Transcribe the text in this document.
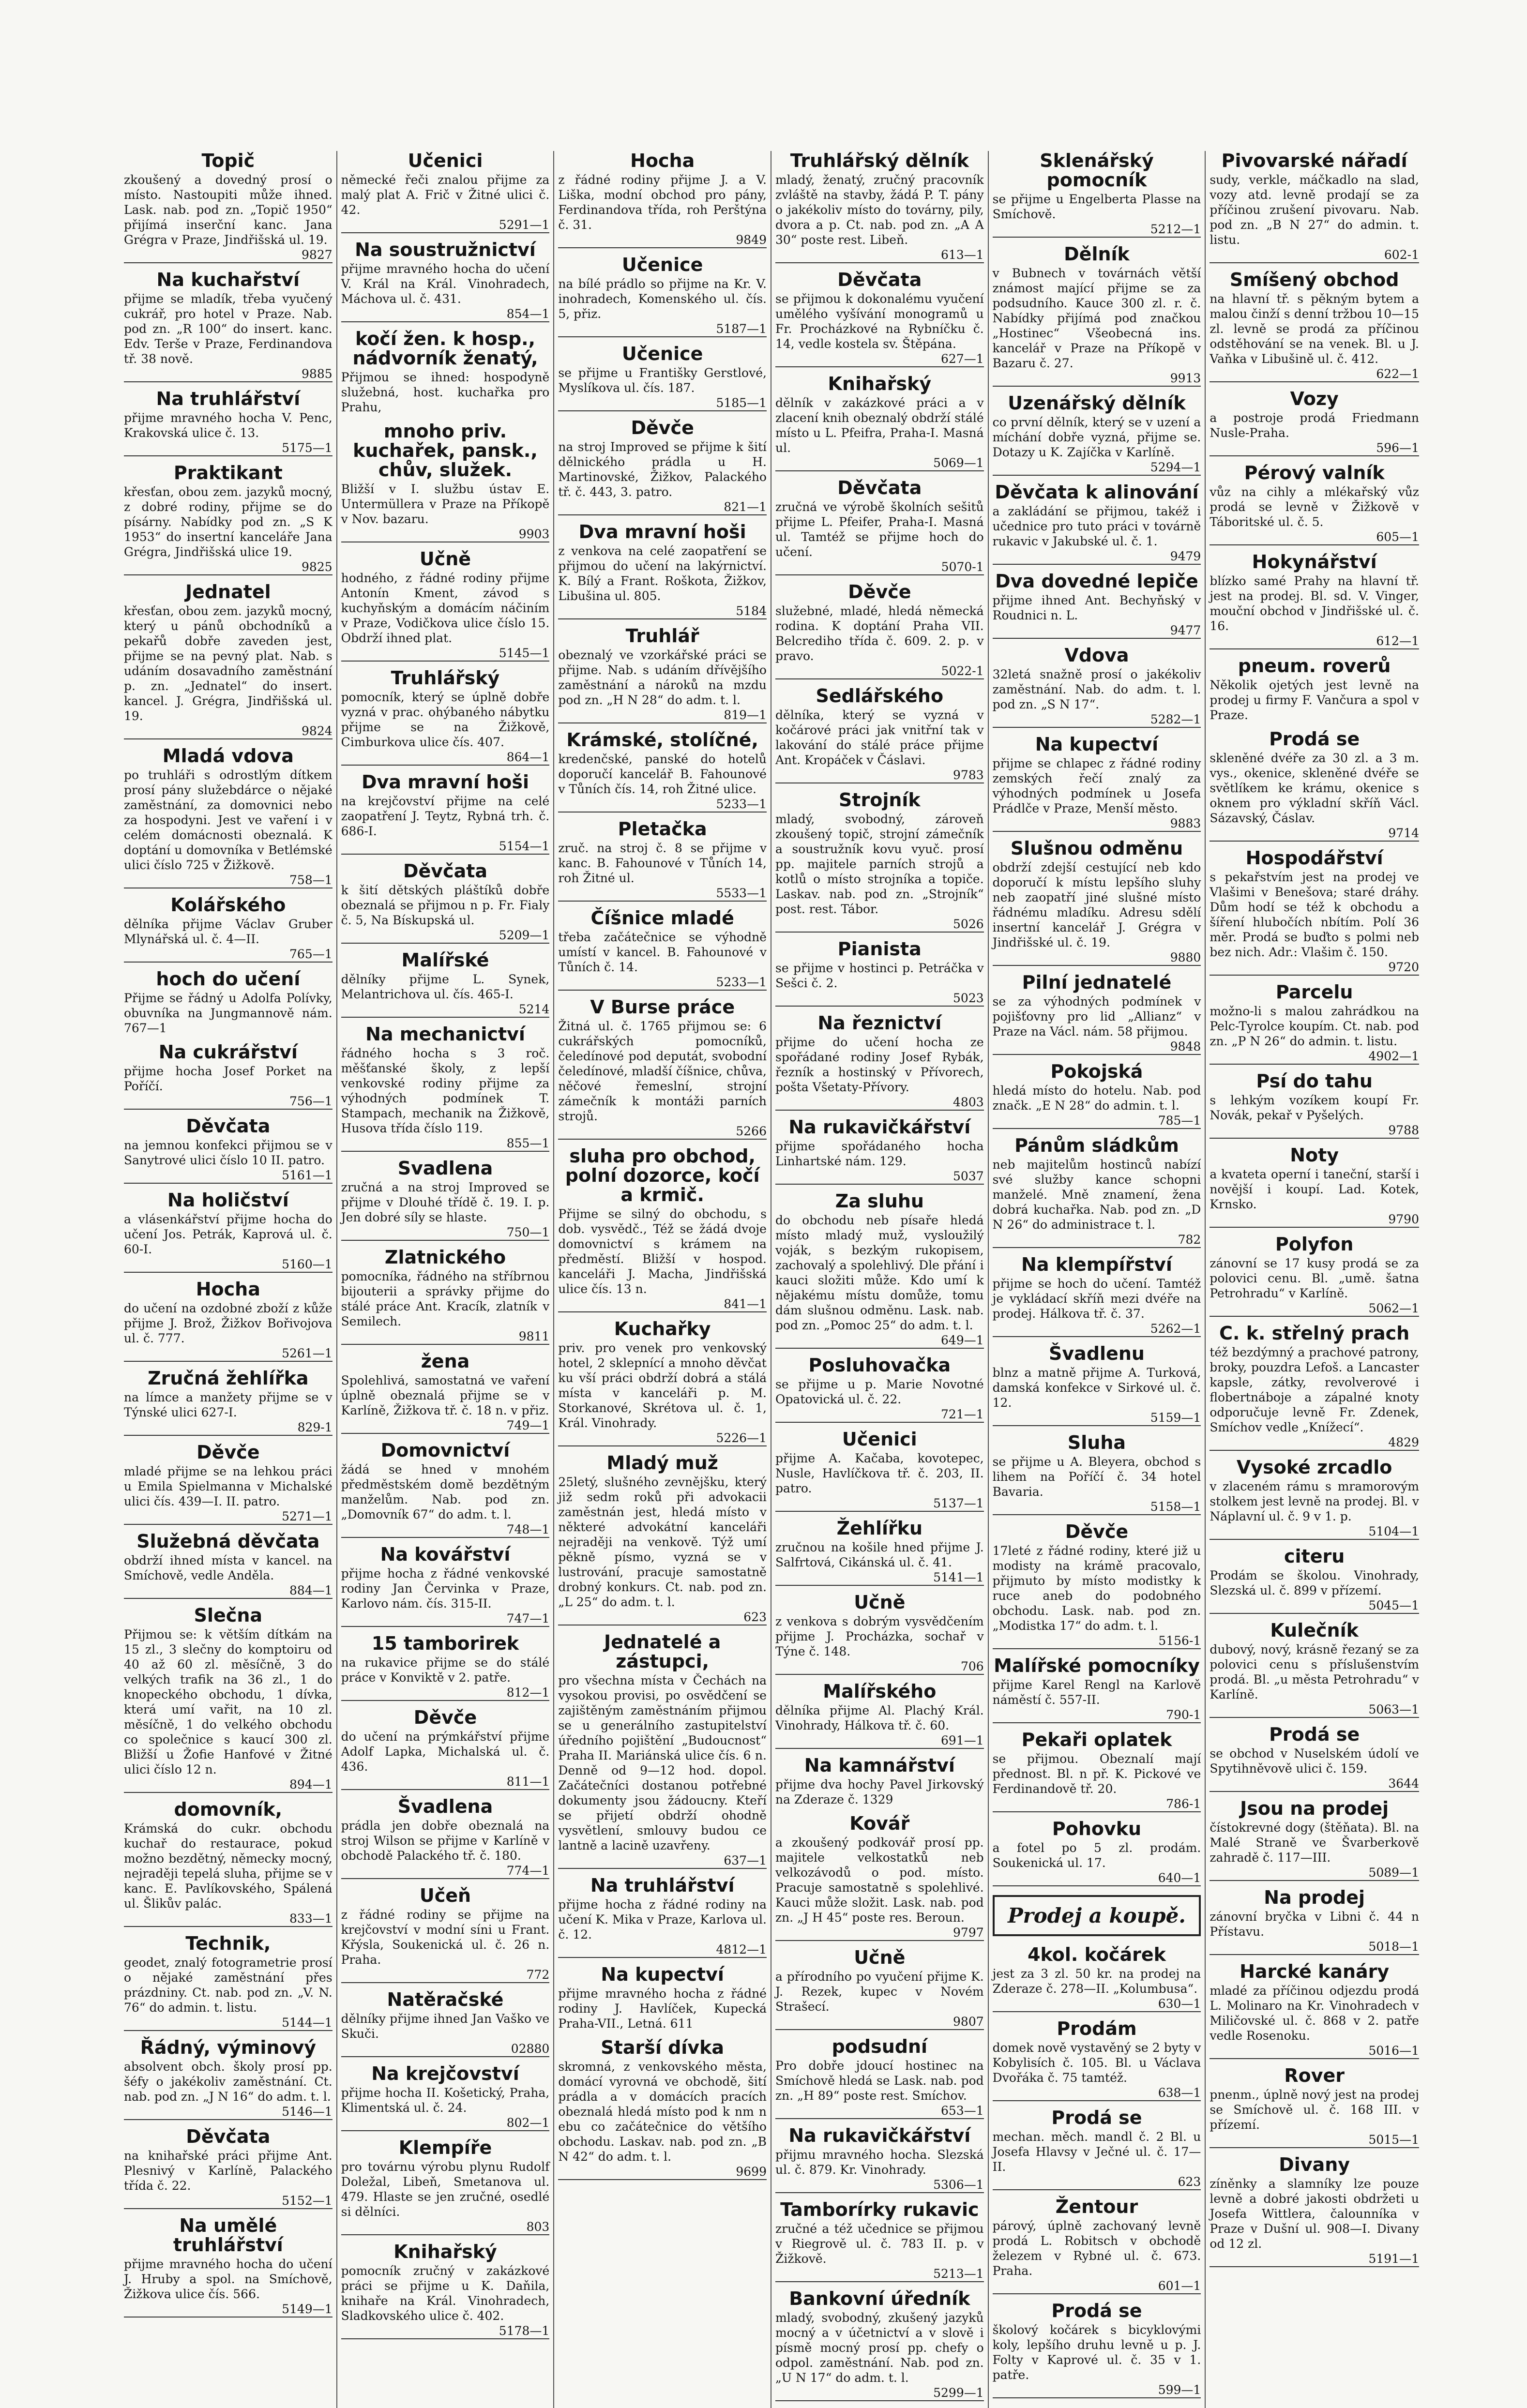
Topič

zkoušený a dovedný prosí o místo. Nastoupiti může ihned. Lask. nab. pod zn. „Topič 1950“ přijímá inserční kanc. Jana Grégra v Praze, Jindřišská ul. 19.

9827

Na kuchařství

přijme se mladík, třeba vyučený cukrář, pro hotel v Praze. Nab. pod zn. „R 100“ do insert. kanc. Edv. Terše v Praze, Ferdinandova tř. 38 nově.

9885

Na truhlářství

přijme mravného hocha V. Penc, Krakovská ulice č. 13.

5175—1

Praktikant

křesťan, obou zem. jazyků mocný, z dobré rodiny, přijme se do písárny. Nabídky pod zn. „S K 1953“ do insertní kanceláře Jana Grégra, Jindřišská ulice 19.

9825

Jednatel

křesťan, obou zem. jazyků mocný, který u pánů obchodníků a pekařů dobře zaveden jest, přijme se na pevný plat. Nab. s udáním dosavadního zaměstnání p. zn. „Jednatel“ do insert. kancel. J. Grégra, Jindřišská ul. 19.

9824

Mladá vdova

po truhláři s odrostlým dítkem prosí pány služebdárce o nějaké zaměstnání, za domovnici nebo za hospodyni. Jest ve vaření i v celém domácnosti obeznalá. K doptání u domovníka v Betlémské ulici číslo 725 v Žižkově.

758—1

Kolářského

dělníka přijme Václav Gruber Mlynářská ul. č. 4—II.

765—1

hoch do učení

Přijme se řádný u Adolfa Polívky, obuvníka na Jungmannově nám. 767—1

Na cukrářství

přijme hocha Josef Porket na Poříčí.

756—1

Děvčata

na jemnou konfekci přijmou se v Sanytrové ulici číslo 10 II. patro.

5161—1

Na holičství

a vlásenkářství přijme hocha do učení Jos. Petrák, Kaprová ul. č. 60-I.

5160—1

Hocha

do učení na ozdobné zboží z kůže přijme J. Brož, Žižkov Bořivojova ul. č. 777.

5261—1

Zručná žehlířka

na límce a manžety přijme se v Týnské ulici 627-I.

829-1

Děvče

mladé přijme se na lehkou práci u Emila Spielmanna v Michalské ulici čís. 439—I. II. patro.

5271—1

Služebná děvčata

obdrží ihned místa v kancel. na Smíchově, vedle Anděla.

884—1

Slečna

Přijmou se: k větším dítkám na 15 zl., 3 slečny do komptoiru od 40 až 60 zl. měsíčně, 3 do velkých trafik na 36 zl., 1 do knopeckého obchodu, 1 dívka, která umí vařit, na 10 zl. měsíčně, 1 do velkého obchodu co společnice s kaucí 300 zl. Bližší u Žofie Hanfové v Žitné ulici číslo 12 n.

894—1

domovník,

Krámská do cukr. obchodu kuchař do restaurace, pokud možno bezdětný, německy mocný, nejraději tepelá sluha, přijme se v kanc. E. Pavlíkovského, Spálená ul. Šlikův palác.

833—1

Technik,

geodet, znalý fotogrametrie prosí o nějaké zaměstnání přes prázdniny. Ct. nab. pod zn. „V. N. 76“ do admin. t. listu.

5144—1

Řádný, výminový

absolvent obch. školy prosí pp. šéfy o jakékoliv zaměstnání. Ct. nab. pod zn. „J N 16“ do adm. t. l.

5146—1

Děvčata

na knihařské práci přijme Ant. Plesnivý v Karlíně, Palackého třída č. 22.

5152—1

Na umělé truhlářství

přijme mravného hocha do učení J. Hruby a spol. na Smíchově, Žižkova ulice čís. 566.

5149—1

Učenici

německé řeči znalou přijme za malý plat A. Frič v Žitné ulici č. 42.

5291—1

Na soustružnictví

přijme mravného hocha do učení V. Král na Král. Vinohradech, Máchova ul. č. 431.

854—1

kočí žen. k hosp., nádvorník ženatý,

Přijmou se ihned: hospodyně služebná, host. kuchařka pro Prahu,

mnoho priv. kuchařek, pansk., chův, služek.

Bližší v I. službu ústav E. Untermüllera v Praze na Příkopě v Nov. bazaru.

9903

Učně

hodného, z řádné rodiny přijme Antonín Kment, závod s kuchyňským a domácím náčiním v Praze, Vodičkova ulice číslo 15. Obdrží ihned plat.

5145—1

Truhlářský

pomocník, který se úplně dobře vyzná v prac. ohýbaného nábytku přijme se na Žižkově, Cimburkova ulice čís. 407.

864—1

Dva mravní hoši

na krejčovství přijme na celé zaopatření J. Teytz, Rybná trh. č. 686-I.

5154—1

Děvčata

k šití dětských pláštíků dobře obeznalá se přijmou n p. Fr. Fialy č. 5, Na Bískupská ul.

5209—1

Malířské

dělníky přijme L. Synek, Melantrichova ul. čís. 465-I.

5214

Na mechanictví

řádného hocha s 3 roč. měšťanské školy, z lepší venkovské rodiny přijme za výhodných podmínek T. Stampach, mechanik na Žižkově, Husova třída číslo 119.

855—1

Svadlena

zručná a na stroj Improved se přijme v Dlouhé třídě č. 19. I. p. Jen dobré síly se hlaste.

750—1

Zlatnického

pomocníka, řádného na stříbrnou bijouterii a správky přijme do stálé práce Ant. Kracík, zlatník v Semilech.

9811

žena

Spolehlivá, samostatná ve vaření úplně obeznalá přijme se v Karlíně, Žižkova tř. č. 18 n. v přiz.

749—1

Domovnictví

žádá se hned v mnohém předměstském domě bezdětným manželům. Nab. pod zn. „Domovník 67“ do adm. t. l.

748—1

Na kovářství

přijme hocha z řádné venkovské rodiny Jan Červinka v Praze, Karlovo nám. čís. 315-II.

747—1

15 tamborirek

na rukavice přijme se do stálé práce v Konviktě v 2. patře.

812—1

Děvče

do učení na prýmkářství přijme Adolf Lapka, Michalská ul. č. 436.

811—1

Švadlena

prádla jen dobře obeznalá na stroj Wilson se přijme v Karlíně v obchodě Palackého tř. č. 180.

774—1

Učeň

z řádné rodiny se přijme na krejčovství v modní síni u Frant. Křýsla, Soukenická ul. č. 26 n. Praha.

772

Natěračské

dělníky přijme ihned Jan Vaško ve Skuči.

02880

Na krejčovství

přijme hocha II. Košetický, Praha, Klimentská ul. č. 24.

802—1

Klempíře

pro továrnu výrobu plynu Rudolf Doležal, Libeň, Smetanova ul. 479. Hlaste se jen zručné, osedlé si dělníci.

803

Knihařský

pomocník zručný v zakázkové práci se přijme u K. Daňila, knihaře na Král. Vinohradech, Sladkovského ulice č. 402.

5178—1

Hocha

z řádné rodiny přijme J. a V. Liška, modní obchod pro pány, Ferdinandova třída, roh Perštýna č. 31.

9849

Učenice

na bílé prádlo so přijme na Kr. V. inohradech, Komenského ul. čís. 5, přiz.

5187—1

Učenice

se přijme u Františky Gerstlové, Myslíkova ul. čís. 187.

5185—1

Děvče

na stroj Improved se přijme k šití dělnického prádla u H. Martinovské, Žižkov, Palackého tř. č. 443, 3. patro.

821—1

Dva mravní hoši

z venkova na celé zaopatření se přijmou do učení na lakýrnictví. K. Bílý a Frant. Roškota, Žižkov, Libušina ul. 805.

5184

Truhlář

obeznalý ve vzorkářské práci se přijme. Nab. s udáním dřívějšího zaměstnání a nároků na mzdu pod zn. „H N 28“ do adm. t. l.

819—1

Krámské, stolíčné,

kredenčské, panské do hotelů doporučí kancelář B. Fahounové v Tůních čís. 14, roh Žitné ulice.

5233—1

Pletačka

zruč. na stroj č. 8 se přijme v kanc. B. Fahounové v Tůních 14, roh Žitné ul.

5533—1

Číšnice mladé

třeba začátečnice se výhodně umístí v kancel. B. Fahounové v Tůních č. 14.

5233—1

V Burse práce

Žitná ul. č. 1765 přijmou se: 6 cukrářských pomocníků, čeledínové pod deputát, svobodní čeledínové, mladší číšnice, chůva, něčové řemeslní, strojní zámečník k montáži parních strojů.

5266

sluha pro obchod, polní dozorce, kočí a krmič.

Přijme se silný do obchodu, s dob. vysvědč., Též se žádá dvoje domovnictví s krámem na předměstí. Bližší v hospod. kanceláři J. Macha, Jindřišská ulice čís. 13 n.

841—1

Kuchařky

priv. pro venek pro venkovský hotel, 2 sklepnící a mnoho děvčat ku vší práci obdrží dobrá a stálá místa v kanceláři p. M. Storkanové, Skrétova ul. č. 1, Král. Vinohrady.

5226—1

Mladý muž

25letý, slušného zevnějšku, který již sedm roků při advokacii zaměstnán jest, hledá místo v některé advokátní kanceláři nejraději na venkově. Týž umí pěkně písmo, vyzná se v lustrování, pracuje samostatně drobný konkurs. Ct. nab. pod zn. „L 25“ do adm. t. l.

623

Jednatelé a zástupci,

pro všechna místa v Čechách na vysokou provisi, po osvědčení se zajištěným zaměstnáním přijmou se u generálního zastupitelství úředního pojištění „Budoucnost“ Praha II. Mariánská ulice čís. 6 n. Denně od 9—12 hod. dopol. Začátečníci dostanou potřebné dokumenty jsou žádoucny. Kteří se přijetí obdrží ohodně vysvětlení, smlouvy budou ce lantně a lacině uzavřeny.

637—1

Na truhlářství

přijme hocha z řádné rodiny na učení K. Mika v Praze, Karlova ul. č. 12.

4812—1

Na kupectví

přijme mravného hocha z řádné rodiny J. Havlíček, Kupecká Praha-VII., Letná. 611

Starší dívka

skromná, z venkovského města, domácí vyrovná ve obchodě, šití prádla a v domácích pracích obeznalá hledá místo pod k nm n ebu co začátečnice do většího obchodu. Laskav. nab. pod zn. „B N 42“ do adm. t. l.

9699

Truhlářský dělník

mladý, ženatý, zručný pracovník zvláště na stavby, žádá P. T. pány o jakékoliv místo do továrny, pily, dvora a p. Ct. nab. pod zn. „A A 30“ poste rest. Libeň.

613—1

Děvčata

se přijmou k dokonalému vyučení umělého vyšívání monogramů u Fr. Procházkové na Rybníčku č. 14, vedle kostela sv. Štěpána.

627—1

Knihařský

dělník v zakázkové práci a v zlacení knih obeznalý obdrží stálé místo u L. Pfeifra, Praha-I. Masná ul.

5069—1

Děvčata

zručná ve výrobě školních sešitů přijme L. Pfeifer, Praha-I. Masná ul. Tamtéž se přijme hoch do učení.

5070-1

Děvče

služebné, mladé, hledá německá rodina. K doptání Praha VII. Belcrediho třída č. 609. 2. p. v pravo.

5022-1

Sedlářského

dělníka, který se vyzná v kočárové práci jak vnitřní tak v lakování do stálé práce přijme Ant. Kropáček v Čáslavi.

9783

Strojník

mladý, svobodný, zároveň zkoušený topič, strojní zámečník a soustružník kovu vyuč. prosí pp. majitele parních strojů a kotlů o místo strojníka a topiče. Laskav. nab. pod zn. „Strojník“ post. rest. Tábor.

5026

Pianista

se přijme v hostinci p. Petráčka v Sešci č. 2.

5023

Na řeznictví

přijme do učení hocha ze spořádané rodiny Josef Rybák, řezník a hostinský v Přívorech, pošta Všetaty-Přívory.

4803

Na rukavičkářství

přijme spořádaného hocha Linhartské nám. 129.

5037

Za sluhu

do obchodu neb písaře hledá místo mladý muž, vysloužilý voják, s bezkým rukopisem, zachovalý a spolehlivý. Dle přání i kauci složiti může. Kdo umí k nějakému místu domůže, tomu dám slušnou odměnu. Lask. nab. pod zn. „Pomoc 25“ do adm. t. l.

649—1

Posluhovačka

se přijme u p. Marie Novotné Opatovická ul. č. 22.

721—1

Učenici

přijme A. Kačaba, kovotepec, Nusle, Havlíčkova tř. č. 203, II. patro.

5137—1

Žehlířku

zručnou na košile hned přijme J. Salfrtová, Cikánská ul. č. 41.

5141—1

Učně

z venkova s dobrým vysvědčením přijme J. Procházka, sochař v Týne č. 148.

706

Malířského

dělníka přijme Al. Plachý Král. Vinohrady, Hálkova tř. č. 60.

691—1

Na kamnářství

přijme dva hochy Pavel Jirkovský na Zderaze č. 1329

Kovář

a zkoušený podkovář prosí pp. majitele velkostatků neb velkozávodů o pod. místo. Pracuje samostatně s spolehlivé. Kauci může složit. Lask. nab. pod zn. „J H 45“ poste res. Beroun.

9797

Učně

a přírodního po vyučení přijme K. J. Rezek, kupec v Novém Strašecí.

9807

podsudní

Pro dobře jdoucí hostinec na Smíchově hledá se Lask. nab. pod zn. „H 89“ poste rest. Smíchov.

653—1

Na rukavičkářství

přijmu mravného hocha. Slezská ul. č. 879. Kr. Vinohrady.

5306—1

Tamborírky rukavic

zručné a též učednice se přijmou v Riegrově ul. č. 783 II. p. v Žižkově.

5213—1

Bankovní úředník

mladý, svobodný, zkušený jazyků mocný a v účetnictví a v slově i písmě mocný prosí pp. chefy o odpol. zaměstnání. Nab. pod zn. „U N 17“ do adm. t. l.

5299—1

Sklenářský pomocník

se přijme u Engelberta Plasse na Smíchově.

5212—1

Dělník

v Bubnech v továrnách větší známost mající přijme se za podsudního. Kauce 300 zl. r. č. Nabídky přijímá pod značkou „Hostinec“ Všeobecná ins. kancelář v Praze na Příkopě v Bazaru č. 27.

9913

Uzenářský dělník

co první dělník, který se v uzení a míchání dobře vyzná, přijme se. Dotazy u K. Zajíčka v Karlíně.

5294—1

Děvčata k alinování

a zakládání se přijmou, takéž i učednice pro tuto práci v továrně rukavic v Jakubské ul. č. 1.

9479

Dva dovedné lepiče

přijme ihned Ant. Bechyňský v Roudnici n. L.

9477

Vdova

32letá snažně prosí o jakékoliv zaměstnání. Nab. do adm. t. l. pod zn. „S N 17“.

5282—1

Na kupectví

přijme se chlapec z řádné rodiny zemských řečí znalý za výhodných podmínek u Josefa Prádlče v Praze, Menší město.

9883

Slušnou odměnu

obdrží zdejší cestující neb kdo doporučí k místu lepšího sluhy neb zaopatří jiné slušné místo řádnému mladíku. Adresu sdělí insertní kancelář J. Grégra v Jindřišské ul. č. 19.

9880

Pilní jednatelé

se za výhodných podmínek v pojišťovny pro lid „Allianz“ v Praze na Václ. nám. 58 přijmou.

9848

Pokojská

hledá místo do hotelu. Nab. pod značk. „E N 28“ do admin. t. l.

785—1

Pánům sládkům

neb majitelům hostinců nabízí své služby kance schopni manželé. Mně znamení, žena dobrá kuchařka. Nab. pod zn. „D N 26“ do administrace t. l.

782

Na klempířství

přijme se hoch do učení. Tamtéž je vykládací skříň mezi dvéře na prodej. Hálkova tř. č. 37.

5262—1

Švadlenu

blnz a matně přijme A. Turková, damská konfekce v Sirkové ul. č. 12.

5159—1

Sluha

se přijme u A. Bleyera, obchod s lihem na Poříčí č. 34 hotel Bavaria.

5158—1

Děvče

17leté z řádné rodiny, které již u modisty na krámě pracovalo, přijmuto by místo modistky k ruce aneb do podobného obchodu. Lask. nab. pod zn. „Modistka 17“ do adm. t. l.

5156-1

Malířské pomocníky

přijme Karel Rengl na Karlově náměstí č. 557-II.

790-1

Pekaři oplatek

se přijmou. Obeznalí mají přednost. Bl. n př. K. Pickové ve Ferdinandově tř. 20.

786-1

Pohovku

a fotel po 5 zl. prodám. Soukenická ul. 17.

640—1

Prodej a koupě.
4kol. kočárek

jest za 3 zl. 50 kr. na prodej na Zderaze č. 278—II. „Kolumbusa“.

630—1

Prodám

domek nově vystavěný se 2 byty v Kobylisích č. 105. Bl. u Václava Dvořáka č. 75 tamtéž.

638—1

Prodá se

mechan. měch. mandl č. 2 Bl. u Josefa Hlavsy v Ječné ul. č. 17—II.

623

Žentour

párový, úplně zachovaný levně prodá L. Robitsch v obchodě železem v Rybné ul. č. 673. Praha.

601—1

Prodá se

školový kočárek s bicyklovými koly, lepšího druhu levně u p. J. Folty v Kaprové ul. č. 35 v 1. patře.

599—1

Pivovarské nářadí

sudy, verkle, máčkadlo na slad, vozy atd. levně prodají se za příčinou zrušení pivovaru. Nab. pod zn. „B N 27“ do admin. t. listu.

602-1

Smíšený obchod

na hlavní tř. s pěkným bytem a malou činží s denní tržbou 10—15 zl. levně se prodá za příčinou odstěhování se na venek. Bl. u J. Vaňka v Libušině ul. č. 412.

622—1

Vozy

a postroje prodá Friedmann Nusle-Praha.

596—1

Pérový valník

vůz na cihly a mlékařský vůz prodá se levně v Žižkově v Táboritské ul. č. 5.

605—1

Hokynářství

blízko samé Prahy na hlavní tř. jest na prodej. Bl. sd. V. Vinger, mouční obchod v Jindřišské ul. č. 16.

612—1

pneum. roverů

Několik ojetých jest levně na prodej u firmy F. Vančura a spol v Praze.

Prodá se

skleněné dvéře za 30 zl. a 3 m. vys., okenice, skleněné dvéře se světlíkem ke krámu, okenice s oknem pro výkladní skříň Václ. Sázavský, Čáslav.

9714

Hospodářství

s pekařstvím jest na prodej ve Vlašimi v Benešova; staré dráhy. Dům hodí se též k obchodu a šíření hlubočích nbítím. Polí 36 měr. Prodá se buďto s polmi neb bez nich. Adr.: Vlašim č. 150.

9720

Parcelu

možno-li s malou zahrádkou na Pelc-Tyrolce koupím. Ct. nab. pod zn. „P N 26“ do admin. t. listu.

4902—1

Psí do tahu

s lehkým vozíkem koupí Fr. Novák, pekař v Pyšelých.

9788

Noty

a kvateta operní i taneční, starší i novější i koupí. Lad. Kotek, Krnsko.

9790

Polyfon

zánovní se 17 kusy prodá se za polovici cenu. Bl. „umě. šatna Petrohradu“ v Karlíně.

5062—1

C. k. střelný prach

též bezdýmný a prachové patrony, broky, pouzdra Lefoš. a Lancaster kapsle, zátky, revolverové i flobertnáboje a zápalné knoty odporučuje levně Fr. Zdenek, Smíchov vedle „Knížecí“.

4829

Vysoké zrcadlo

v zlaceném rámu s mramorovým stolkem jest levně na prodej. Bl. v Náplavní ul. č. 9 v 1. p.

5104—1

citeru

Prodám se školou. Vinohrady, Slezská ul. č. 899 v přízemí.

5045—1

Kulečník

dubový, nový, krásně řezaný se za polovici cenu s příslušenstvím prodá. Bl. „u města Petrohradu“ v Karlíně.

5063—1

Prodá se

se obchod v Nuselském údolí ve Spytihněvově ulici č. 159.

3644

Jsou na prodej

čístokrevné dogy (štěňata). Bl. na Malé Straně ve Švarberkově zahradě č. 117—III.

5089—1

Na prodej

zánovní bryčka v Libni č. 44 n Přístavu.

5018—1

Harcké kanáry

mladé za příčinou odjezdu prodá L. Molinaro na Kr. Vinohradech v Miličovské ul. č. 868 v 2. patře vedle Rosenoku.

5016—1

Rover

pnenm., úplně nový jest na prodej se Smíchově ul. č. 168 III. v přízemí.

5015—1

Divany

zíněnky a slamníky lze pouze levně a dobré jakosti obdržeti u Josefa Wittlera, čalounníka v Praze v Dušní ul. 908—I. Divany od 12 zl.

5191—1
